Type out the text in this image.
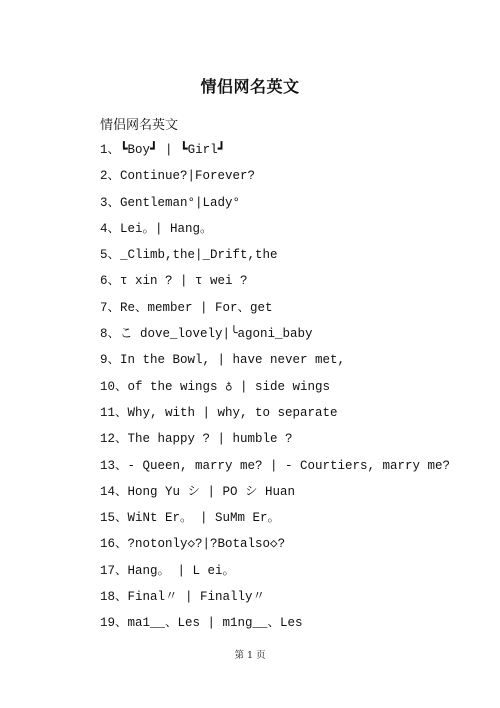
情侣网名英文
情侣网名英文
1、┗Boy┛ | ┗Girl┛
2、Continue?|Forever?
3、Gentleman°|Lady°
4、Lei。| Hang。
5、_Climb,the|_Drift,the
6、τ xin ? | τ wei ?
7、Re、member | For、get
8、こ dove_lovely|╰agoni_baby
9、In the Bowl, | have never met,
10、of the wings ♁ | side wings
11、Why, with | why, to separate
12、The happy ? | humble ?
13、- Queen, marry me? | - Courtiers, marry me?
14、Hong Yu シ | PO シ Huan
15、WiNt Er。 | SuMm Er。
16、?notonly◇?|?Botalso◇?
17、Hang。 | L ei。
18、Final〃 | Finally〃
19、ma1__、Les | m1ng__、Les
第 1 页
